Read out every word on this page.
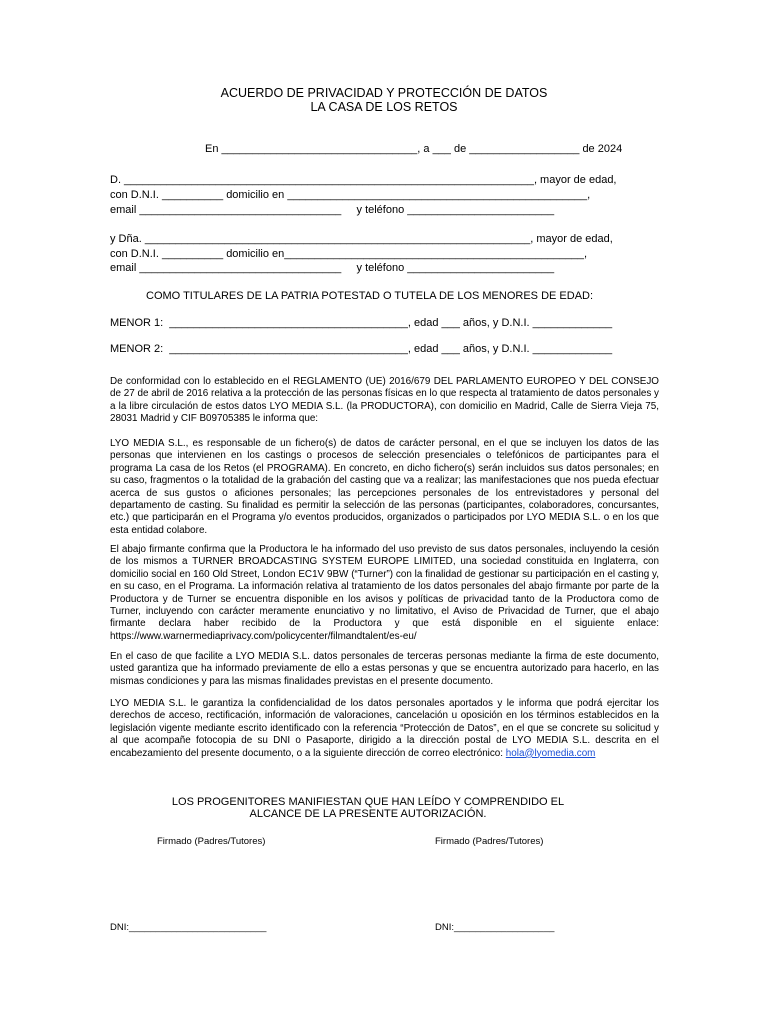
ACUERDO DE PRIVACIDAD Y PROTECCIÓN DE DATOS
LA CASA DE LOS RETOS
En ________________________________, a ___ de __________________ de 2024
D. ___________________________________________________________________, mayor de edad,
con D.N.I. __________ domicilio en _________________________________________________,
email _________________________________     y teléfono ________________________
y Dña. _______________________________________________________________, mayor de edad,
con D.N.I. __________ domicilio en_________________________________________________,
email _________________________________     y teléfono ________________________
COMO TITULARES DE LA PATRIA POTESTAD O TUTELA DE LOS MENORES DE EDAD:
MENOR 1:  _______________________________________, edad ___ años, y D.N.I. _____________
MENOR 2:  _______________________________________, edad ___ años, y D.N.I. _____________

De conformidad con lo establecido en el REGLAMENTO (UE) 2016/679 DEL PARLAMENTO EUROPEO Y DEL CONSEJO de 27 de abril de 2016 relativa a la protección de las personas físicas en lo que respecta al tratamiento de datos personales y a la libre circulación de estos datos LYO MEDIA S.L. (la PRODUCTORA), con domicilio en Madrid, Calle de Sierra Vieja 75, 28031 Madrid y CIF B09705385 le informa que:

LYO MEDIA S.L., es responsable de un fichero(s) de datos de carácter personal, en el que se incluyen los datos de las personas que intervienen en los castings o procesos de selección presenciales o telefónicos de participantes para el programa La casa de los Retos (el PROGRAMA). En concreto, en dicho fichero(s) serán incluidos sus datos personales; en su caso, fragmentos o la totalidad de la grabación del casting que va a realizar; las manifestaciones que nos pueda efectuar acerca de sus gustos o aficiones personales; las percepciones personales de los entrevistadores y personal del departamento de casting. Su finalidad es permitir la selección de las personas (participantes, colaboradores, concursantes, etc.) que participarán en el Programa y/o eventos producidos, organizados o participados por LYO MEDIA S.L. o en los que esta entidad colabore.

El abajo firmante confirma que la Productora le ha informado del uso previsto de sus datos personales, incluyendo la cesión de los mismos a TURNER BROADCASTING SYSTEM EUROPE LIMITED, una sociedad constituida en Inglaterra, con domicilio social en 160 Old Street, London EC1V 9BW (“Turner”) con la finalidad de gestionar su participación en el casting y, en su caso, en el Programa. La información relativa al tratamiento de los datos personales del abajo firmante por parte de la Productora y de Turner se encuentra disponible en los avisos y políticas de privacidad tanto de la Productora como de Turner, incluyendo con carácter meramente enunciativo y no limitativo, el Aviso de Privacidad de Turner, que el abajo firmante declara haber recibido de la Productora y que está disponible en el siguiente enlace: https://www.warnermediaprivacy.com/policycenter/filmandtalent/es-eu/

En el caso de que facilite a LYO MEDIA S.L. datos personales de terceras personas mediante la firma de este documento, usted garantiza que ha informado previamente de ello a estas personas y que se encuentra autorizado para hacerlo, en las mismas condiciones y para las mismas finalidades previstas en el presente documento.

LYO MEDIA S.L. le garantiza la confidencialidad de los datos personales aportados y le informa que podrá ejercitar los derechos de acceso, rectificación, información de valoraciones, cancelación u oposición en los términos establecidos en la legislación vigente mediante escrito identificado con la referencia “Protección de Datos”, en el que se concrete su solicitud y al que acompañe fotocopia de su DNI o Pasaporte, dirigido a la dirección postal de LYO MEDIA S.L. descrita en el encabezamiento del presente documento, o a la siguiente dirección de correo electrónico: hola@lyomedia.com

LOS PROGENITORES MANIFIESTAN QUE HAN LEÍDO Y COMPRENDIDO EL
ALCANCE DE LA PRESENTE AUTORIZACIÓN.
Firmado (Padres/Tutores)	Firmado (Padres/Tutores)
DNI:__________________________	DNI:___________________
